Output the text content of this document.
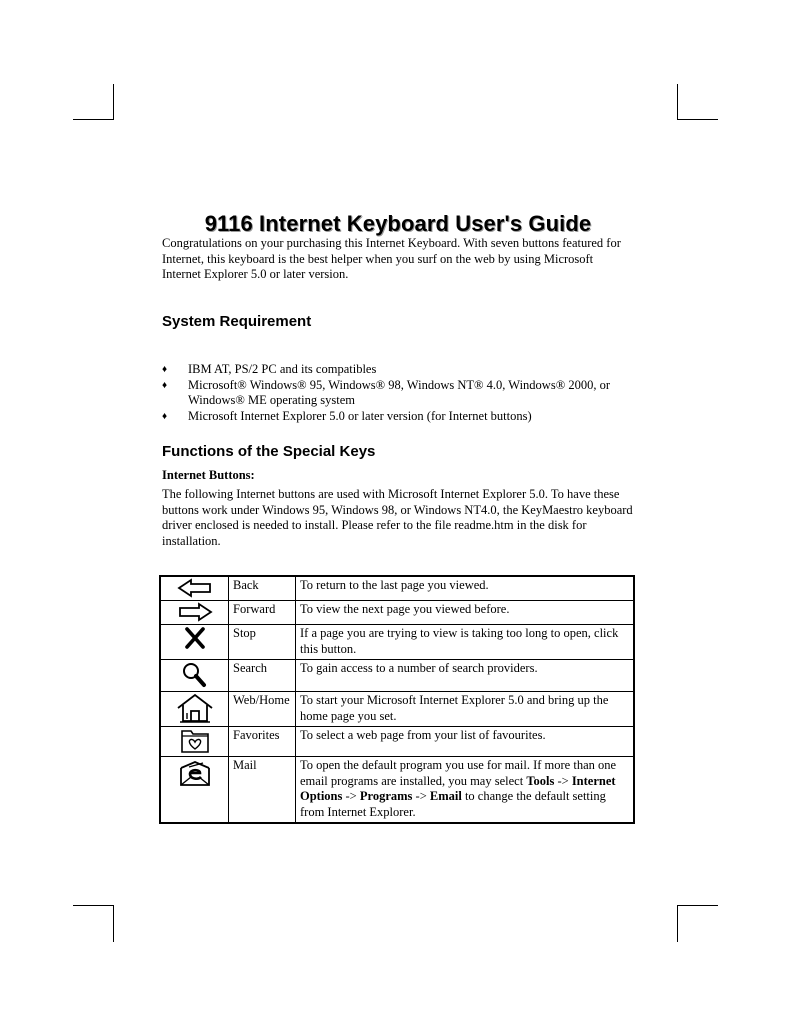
9116 Internet Keyboard User's Guide

Congratulations on your purchasing this Internet Keyboard. With seven buttons featured for Internet, this keyboard is the best helper when you surf on the web by using Microsoft Internet Explorer 5.0 or later version.

System Requirement
♦ IBM AT, PS/2 PC and its compatibles
♦ Microsoft® Windows® 95, Windows® 98, Windows NT® 4.0, Windows® 2000, or Windows® ME operating system
♦ Microsoft Internet Explorer 5.0 or later version (for Internet buttons)
Functions of the Special Keys

Internet Buttons:

The following Internet buttons are used with Microsoft Internet Explorer 5.0. To have these buttons work under Windows 95, Windows 98, or Windows NT4.0, the KeyMaestro keyboard driver enclosed is needed to install. Please refer to the file readme.htm in the disk for installation.

	Back	To return to the last page you viewed.

	Forward	To view the next page you viewed before.

	Stop	If a page you are trying to view is taking too long to open, click this button.

	Search	To gain access to a number of search providers.

	Web/Home	To start your Microsoft Internet Explorer 5.0 and bring up the home page you set.

	Favorites	To select a web page from your list of favourites.

	Mail	To open the default program you use for mail. If more than one email programs are installed, you may select Tools -> Internet Options -> Programs -> Email to change the default setting from Internet Explorer.
